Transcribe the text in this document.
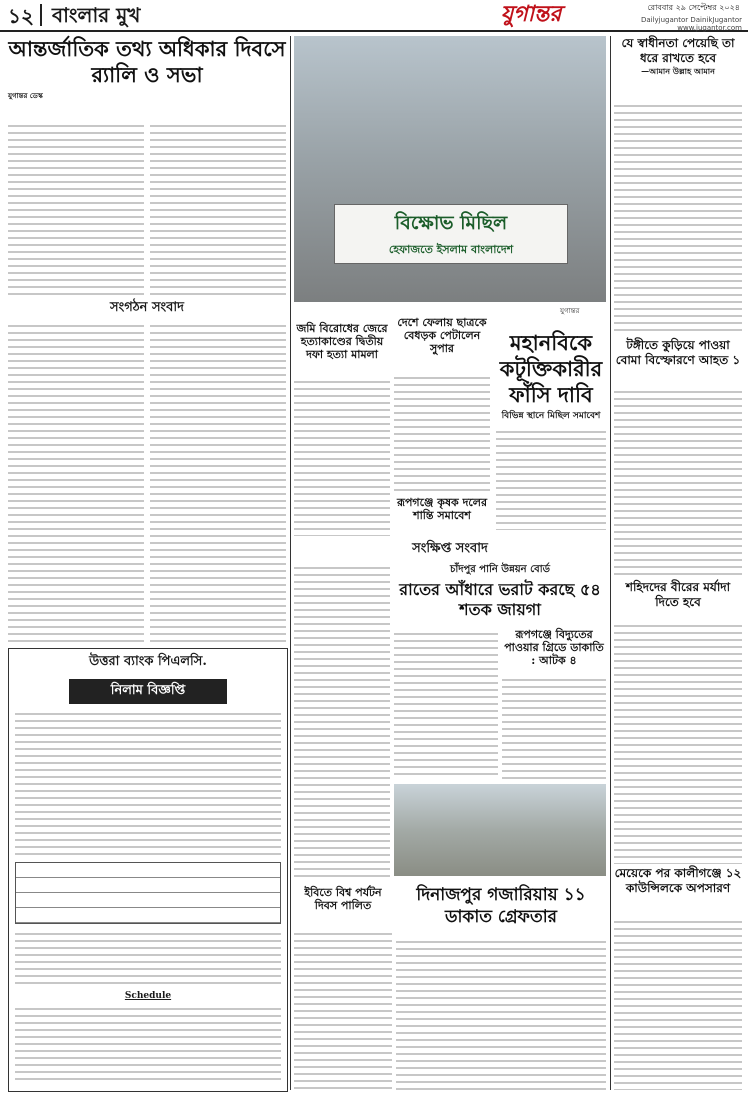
১২ বাংলার মুখ	যুগান্তর	রোববার ২৯ সেপ্টেম্বর ২০২৪
Dailyjugantor DainikJugantor www.jugantor.com
আন্তর্জাতিক তথ্য অধিকার দিবসে র‍্যালি ও সভা
যুগান্তর ডেস্ক
সংগঠন সংবাদ
উত্তরা ব্যাংক পিএলসি.
নিলাম বিজ্ঞপ্তি
Schedule
বিক্ষোভ মিছিল
হেফাজতে ইসলাম বাংলাদেশ
যুগান্তর
যে স্বাধীনতা পেয়েছি তা ধরে রাখতে হবে
—আমান উল্লাহ আমান
টঙ্গীতে কুড়িয়ে পাওয়া বোমা বিস্ফোরণে আহত ১
শহিদদের বীরের মর্যাদা দিতে হবে
মেয়েকে পর কালীগঞ্জে ১২ কাউন্সিলকে অপসারণ
জমি বিরোধের জেরে হত্যাকাণ্ডের দ্বিতীয় দফা হত্যা মামলা
দেশে ফেলায় ছাত্রকে বেধড়ক পেটালেন সুপার	মহানবিকে কটূক্তিকারীর ফাঁসি দাবি
বিভিন্ন স্থানে মিছিল সমাবেশ
রূপগঞ্জে কৃষক দলের শান্তি সমাবেশ
সংক্ষিপ্ত সংবাদ
চাঁদপুর পানি উন্নয়ন বোর্ড
রাতের আঁধারে ভরাট করছে ৫৪ শতক জায়গা
রূপগঞ্জে বিদ্যুতের পাওয়ার গ্রিডে ডাকাতি : আটক ৪
ইবিতে বিশ্ব পর্যটন দিবস পালিত
দিনাজপুর গজারিয়ায় ১১ ডাকাত গ্রেফতার
